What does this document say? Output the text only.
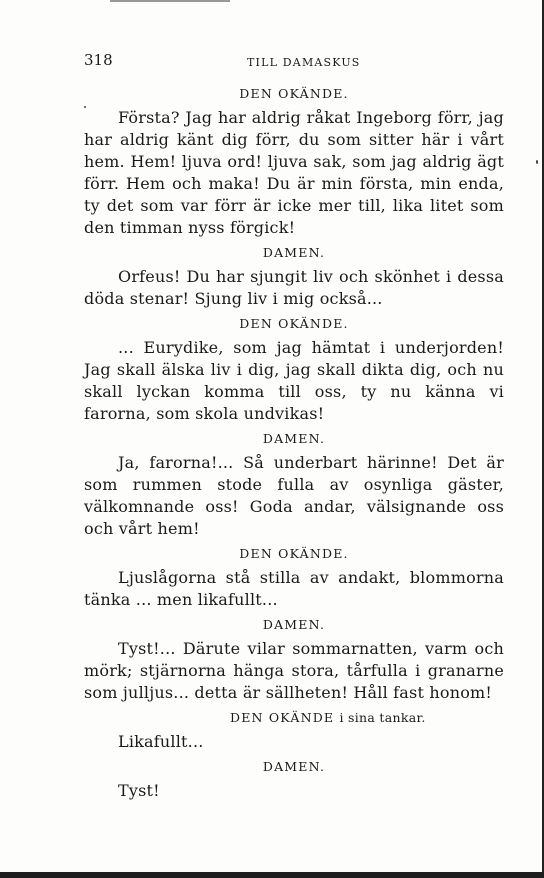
318	TILL DAMASKUS
DEN OKÄNDE.

Första? Jag har aldrig råkat Ingeborg förr, jag har aldrig känt dig förr, du som sitter här i vårt hem. Hem! ljuva ord! ljuva sak, som jag aldrig ägt förr. Hem och maka! Du är min första, min enda, ty det som var förr är icke mer till, lika litet som den timman nyss förgick!

DAMEN.

Orfeus! Du har sjungit liv och skönhet i dessa döda stenar! Sjung liv i mig också...

DEN OKÄNDE.

... Eurydike, som jag hämtat i underjorden! Jag skall älska liv i dig, jag skall dikta dig, och nu skall lyckan komma till oss, ty nu känna vi farorna, som skola undvikas!

DAMEN.

Ja, farorna!... Så underbart härinne! Det är som rummen stode fulla av osynliga gäster, välkomnande oss! Goda andar, välsignande oss och vårt hem!

DEN OKÄNDE.

Ljuslågorna stå stilla av andakt, blommorna tänka ... men likafullt...

DAMEN.

Tyst!... Därute vilar sommarnatten, varm och mörk; stjärnorna hänga stora, tårfulla i granarne som julljus... detta är sällheten! Håll fast honom!

DEN OKÄNDE i sina tankar.

Likafullt...

DAMEN.

Tyst!
